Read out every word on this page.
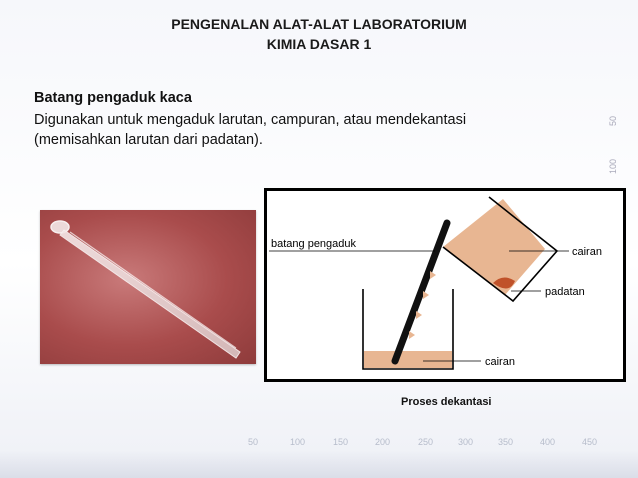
PENGENALAN ALAT-ALAT LABORATORIUM
KIMIA DASAR 1
Batang pengaduk kaca
Digunakan untuk mengaduk larutan, campuran, atau mendekantasi (memisahkan larutan dari padatan).
50
100
batang pengaduk
cairan
padatan
cairan
Proses dekantasi
50	100	150	200	250	300	350	400	450
